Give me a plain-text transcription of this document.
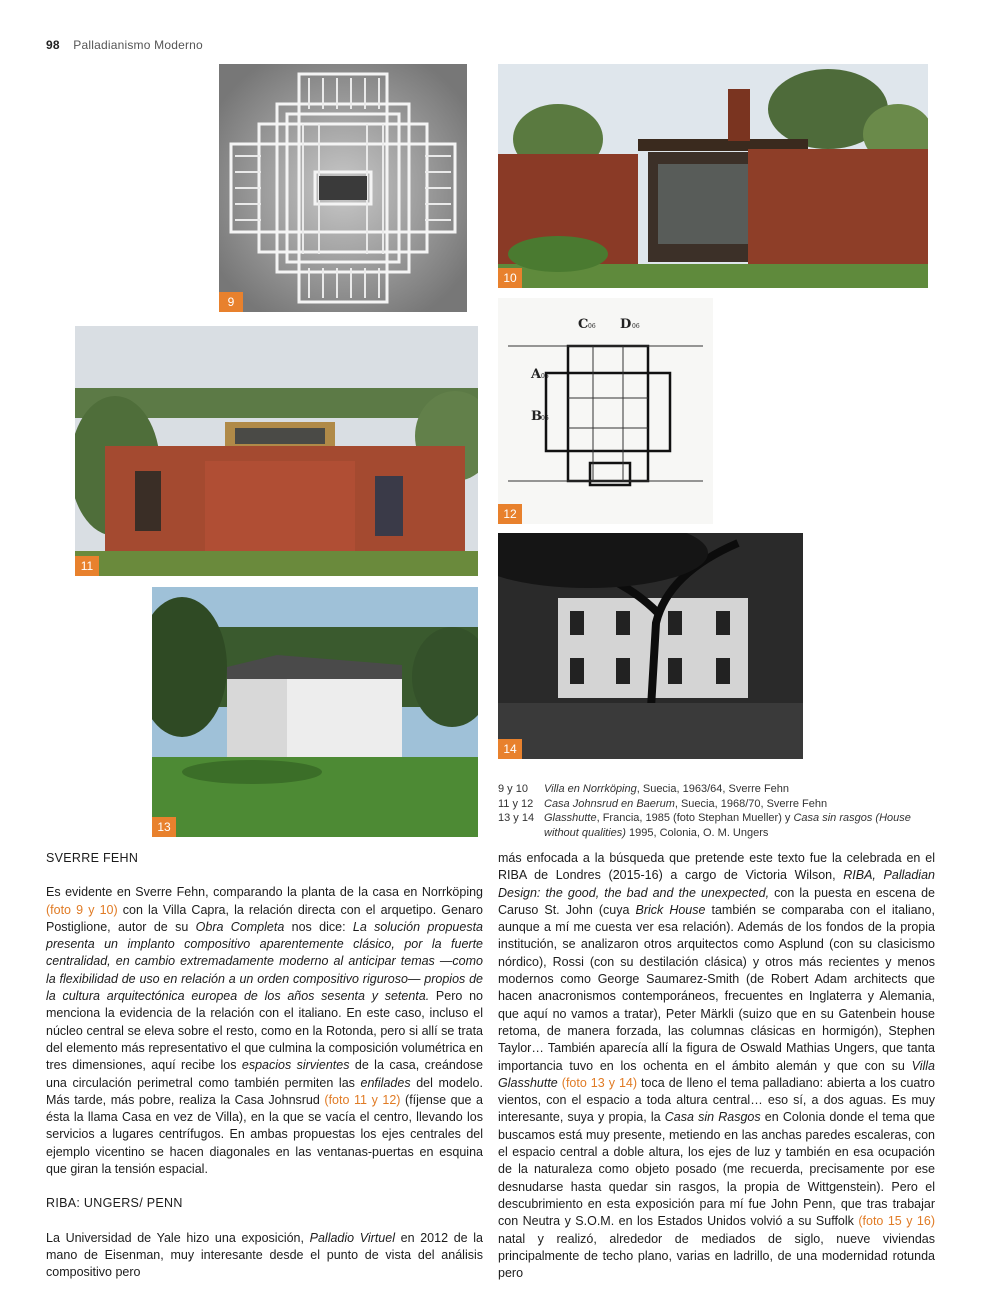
98 Palladianismo Moderno
9
10
11
C D
A
B
06	06
06
06
12
13
14
9 y 10	Villa en Norrköping, Suecia, 1963/64, Sverre Fehn
11 y 12 Casa Johnsrud en Baerum, Suecia, 1968/70, Sverre Fehn
13 y 14 Glasshutte, Francia, 1985 (foto Stephan Mueller) y Casa sin rasgos (House without qualities) 1995, Colonia, O. M. Ungers

SVERRE FEHN

Es evidente en Sverre Fehn, comparando la planta de la casa en Norrköping (foto 9 y 10) con la Villa Capra, la relación directa con el arquetipo. Genaro Postiglione, autor de su Obra Completa nos dice: La solución propuesta presenta un implanto compositivo aparentemente clásico, por la fuerte centralidad, en cambio extremadamente moderno al anticipar temas —como la flexibilidad de uso en relación a un orden compositivo riguroso— propios de la cultura arquitectónica europea de los años sesenta y setenta. Pero no menciona la evidencia de la relación con el italiano. En este caso, incluso el núcleo central se eleva sobre el resto, como en la Rotonda, pero si allí se trata del elemento más representativo el que culmina la composición volumétrica en tres dimensiones, aquí recibe los espacios sirvientes de la casa, creándose una circulación perimetral como también permiten las enfilades del modelo. Más tarde, más pobre, realiza la Casa Johnsrud (foto 11 y 12) (fíjense que a ésta la llama Casa en vez de Villa), en la que se vacía el centro, llevando los servicios a lugares centrífugos. En ambas propuestas los ejes centrales del ejemplo vicentino se hacen diagonales en las ventanas-puertas en esquina que giran la tensión espacial.

RIBA: UNGERS/ PENN

La Universidad de Yale hizo una exposición, Palladio Virtuel en 2012 de la mano de Eisenman, muy interesante desde el punto de vista del análisis compositivo pero

más enfocada a la búsqueda que pretende este texto fue la celebrada en el RIBA de Londres (2015-16) a cargo de Victoria Wilson, RIBA, Palladian Design: the good, the bad and the unexpected, con la puesta en escena de Caruso St. John (cuya Brick House también se comparaba con el italiano, aunque a mí me cuesta ver esa relación). Además de los fondos de la propia institución, se analizaron otros arquitectos como Asplund (con su clasicismo nórdico), Rossi (con su destilación clásica) y otros más recientes y menos modernos como George Saumarez-Smith (de Robert Adam architects que hacen anacronismos contemporáneos, frecuentes en Inglaterra y Alemania, que aquí no vamos a tratar), Peter Märkli (suizo que en su Gatenbein house retoma, de manera forzada, las columnas clásicas en hormigón), Stephen Taylor… También aparecía allí la figura de Oswald Mathias Ungers, que tanta importancia tuvo en los ochenta en el ámbito alemán y que con su Villa Glasshutte (foto 13 y 14) toca de lleno el tema palladiano: abierta a los cuatro vientos, con el espacio a toda altura central… eso sí, a dos aguas. Es muy interesante, suya y propia, la Casa sin Rasgos en Colonia donde el tema que buscamos está muy presente, metiendo en las anchas paredes escaleras, con el espacio central a doble altura, los ejes de luz y también en esa ocupación de la naturaleza como objeto posado (me recuerda, precisamente por ese desnudarse hasta quedar sin rasgos, la propia de Wittgenstein). Pero el descubrimiento en esta exposición para mí fue John Penn, que tras trabajar con Neutra y S.O.M. en los Estados Unidos volvió a su Suffolk (foto 15 y 16) natal y realizó, alrededor de mediados de siglo, nueve viviendas principalmente de techo plano, varias en ladrillo, de una modernidad rotunda pero
